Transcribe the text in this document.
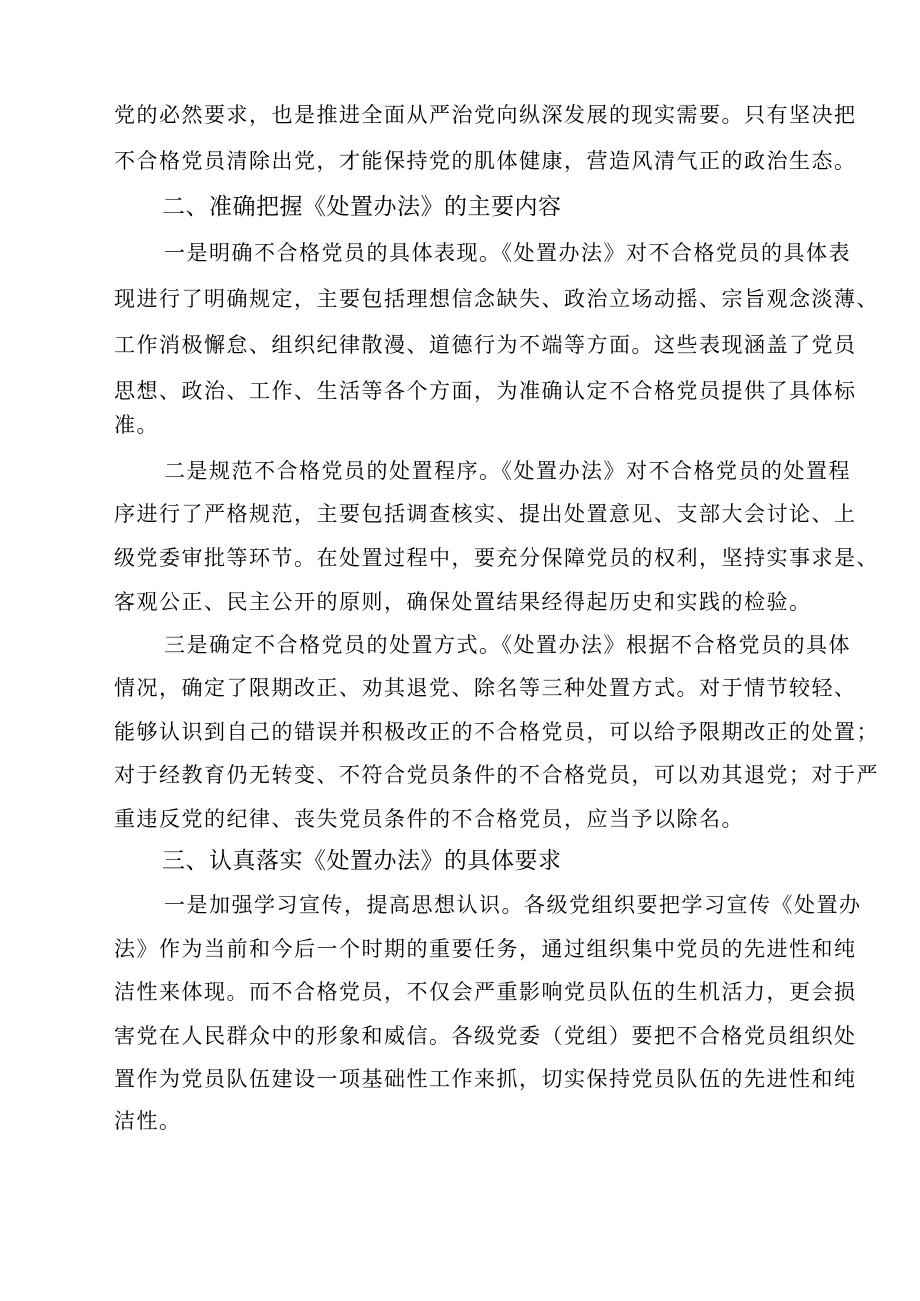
党的必然要求，也是推进全面从严治党向纵深发展的现实需要。只有坚决把

不合格党员清除出党，才能保持党的肌体健康，营造风清气正的政治生态。

二、准确把握《处置办法》的主要内容

一是明确不合格党员的具体表现。《处置办法》对不合格党员的具体表

现进行了明确规定，主要包括理想信念缺失、政治立场动摇、宗旨观念淡薄、

工作消极懈怠、组织纪律散漫、道德行为不端等方面。这些表现涵盖了党员

思想、政治、工作、生活等各个方面，为准确认定不合格党员提供了具体标

准。

二是规范不合格党员的处置程序。《处置办法》对不合格党员的处置程

序进行了严格规范，主要包括调查核实、提出处置意见、支部大会讨论、上

级党委审批等环节。在处置过程中，要充分保障党员的权利，坚持实事求是、

客观公正、民主公开的原则，确保处置结果经得起历史和实践的检验。

三是确定不合格党员的处置方式。《处置办法》根据不合格党员的具体

情况，确定了限期改正、劝其退党、除名等三种处置方式。对于情节较轻、

能够认识到自己的错误并积极改正的不合格党员，可以给予限期改正的处置；

对于经教育仍无转变、不符合党员条件的不合格党员，可以劝其退党；对于严

重违反党的纪律、丧失党员条件的不合格党员，应当予以除名。

三、认真落实《处置办法》的具体要求

一是加强学习宣传，提高思想认识。各级党组织要把学习宣传《处置办

法》作为当前和今后一个时期的重要任务，通过组织集中党员的先进性和纯

洁性来体现。而不合格党员，不仅会严重影响党员队伍的生机活力，更会损

害党在人民群众中的形象和威信。各级党委（党组）要把不合格党员组织处

置作为党员队伍建设一项基础性工作来抓，切实保持党员队伍的先进性和纯

洁性。
